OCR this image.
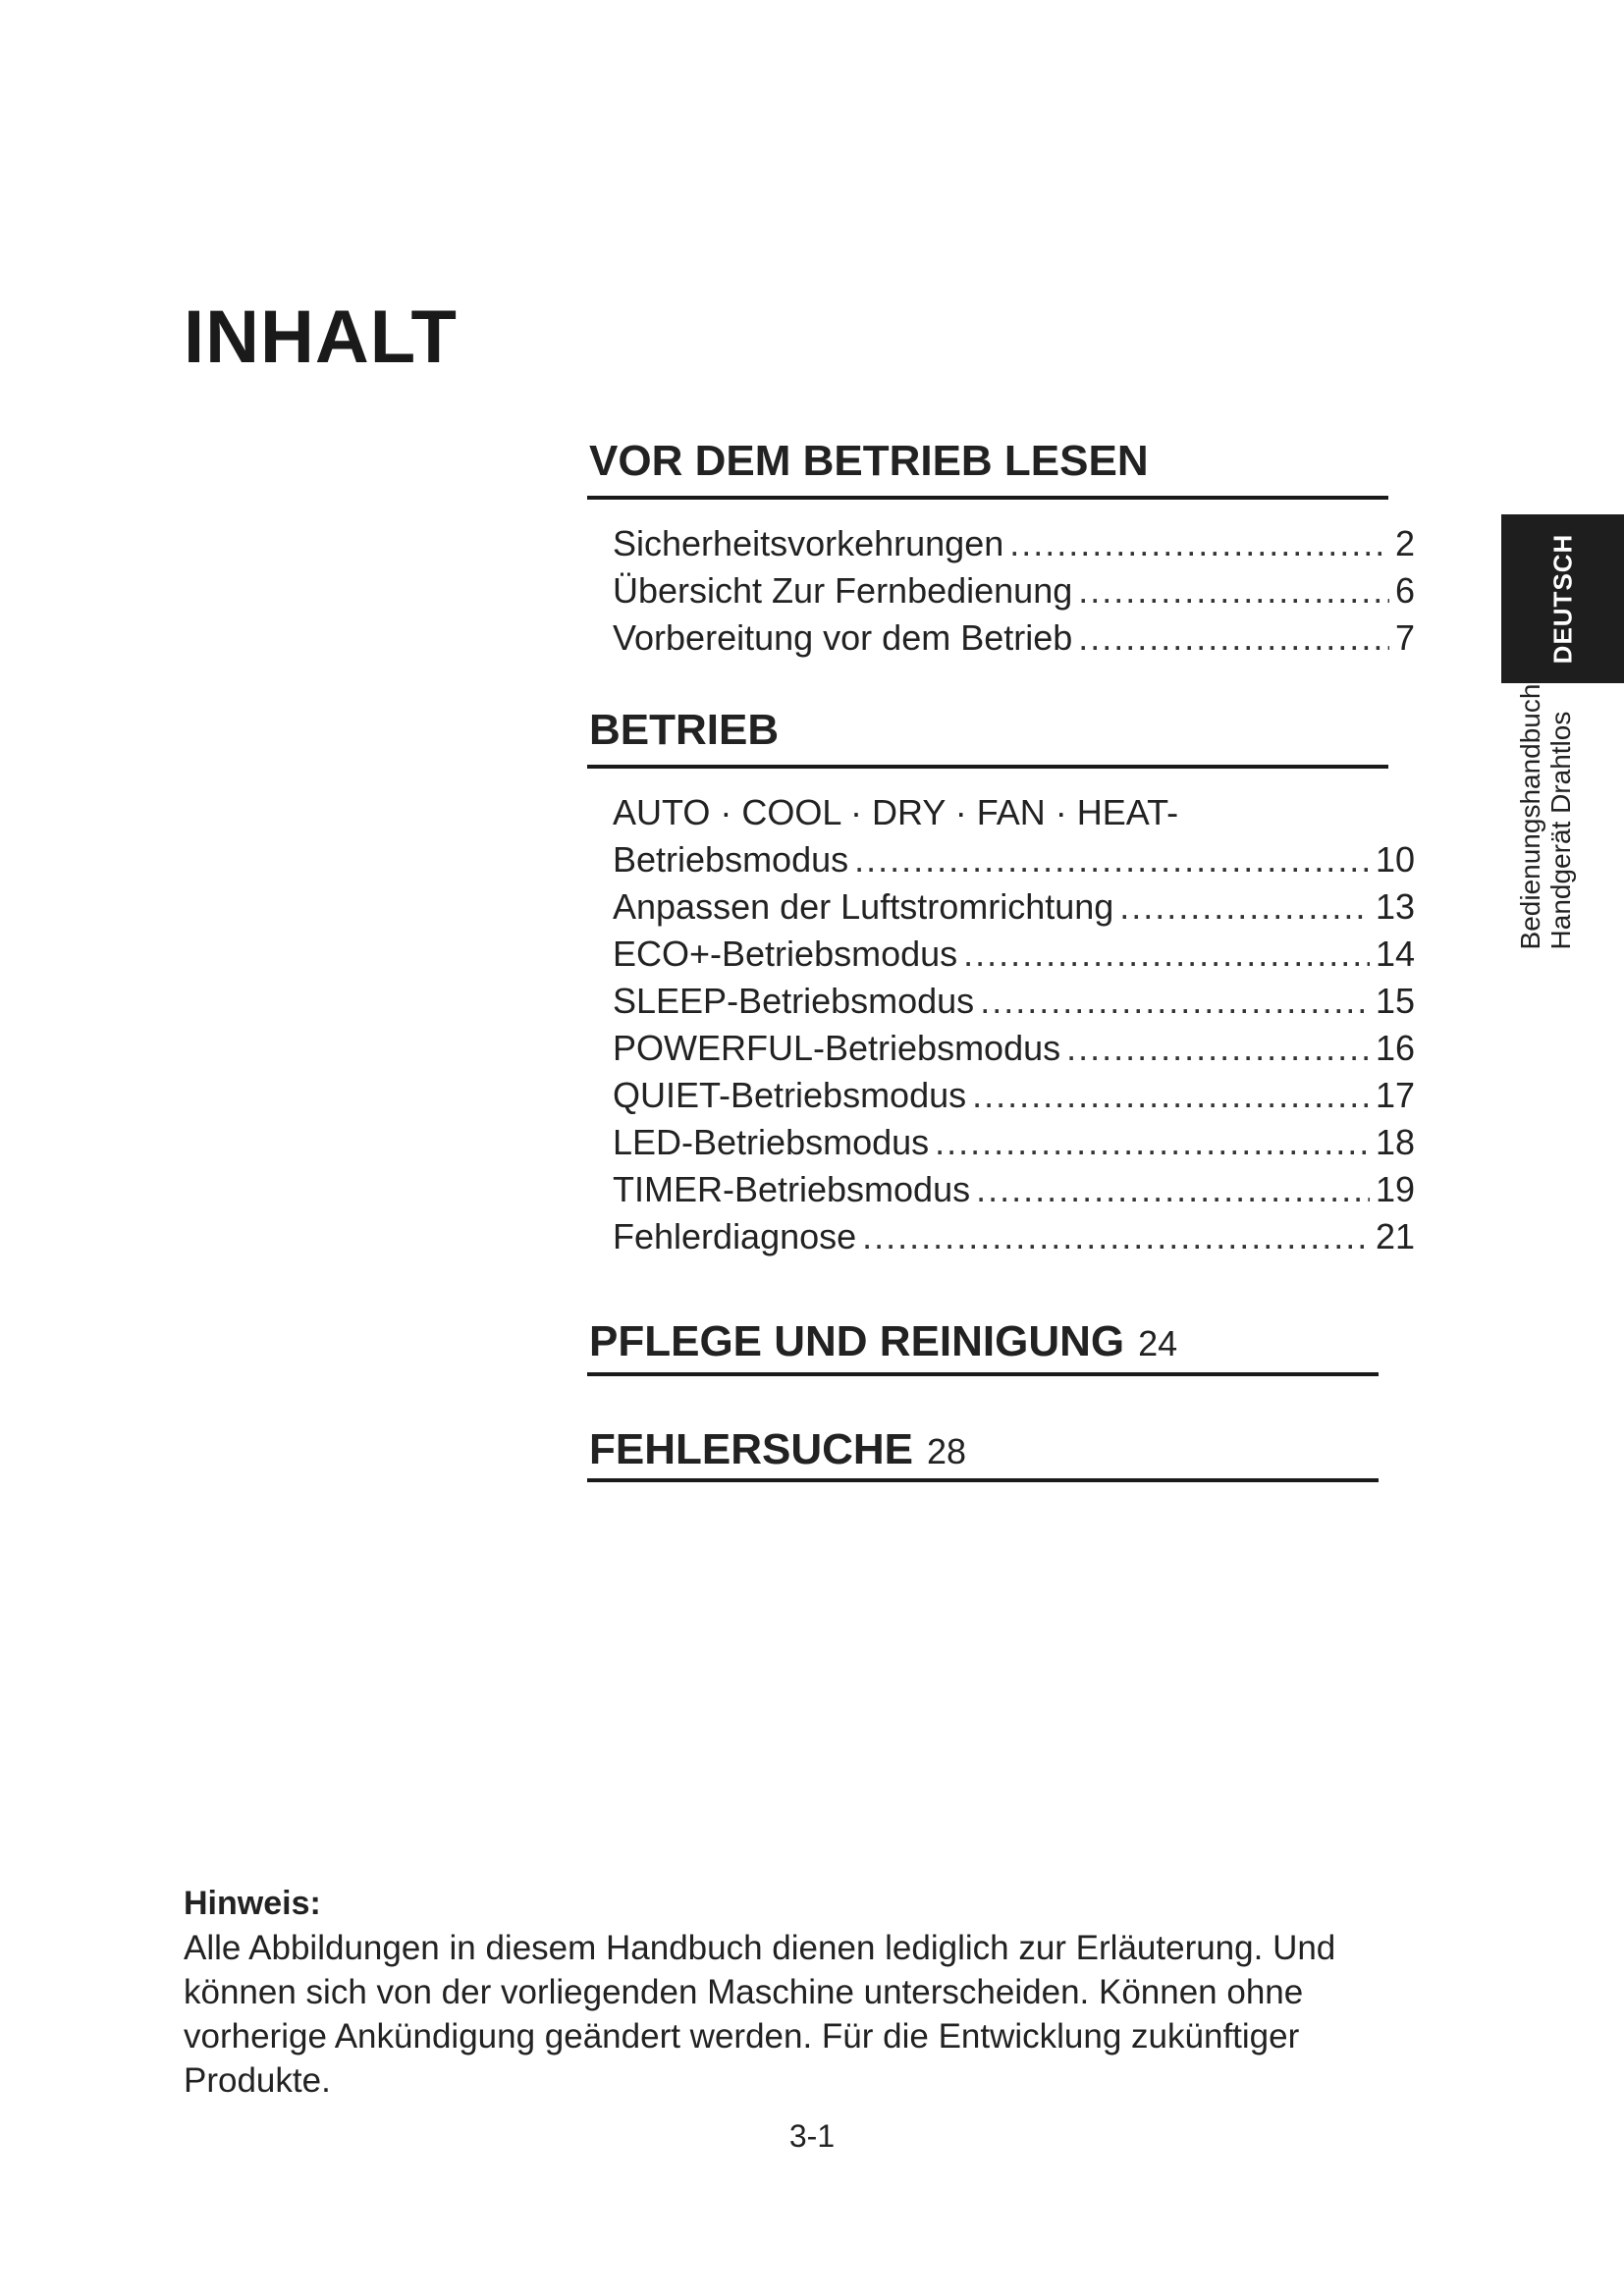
INHALT
VOR DEM BETRIEB LESEN
Sicherheitsvorkehrungen .....	2
Übersicht Zur Fernbedienung .....	6
Vorbereitung vor dem Betrieb .....	7
BETRIEB
AUTO · COOL · DRY · FAN · HEAT-
Betriebsmodus .....	10
Anpassen der Luftstromrichtung .....	13
ECO+-Betriebsmodus .....	14
SLEEP-Betriebsmodus .....	15
POWERFUL-Betriebsmodus .....	16
QUIET-Betriebsmodus .....	17
LED-Betriebsmodus .....	18
TIMER-Betriebsmodus .....	19
Fehlerdiagnose .....	21
PFLEGE UND REINIGUNG 24
FEHLERSUCHE 28
DEUTSCH
Bedienungshandbuch
Handgerät Drahtlos

Hinweis:

Alle Abbildungen in diesem Handbuch dienen lediglich zur Erläuterung. Und können sich von der vorliegenden Maschine unterscheiden. Können ohne vorherige Ankündigung geändert werden. Für die Entwicklung zukünftiger Produkte.

3-1
